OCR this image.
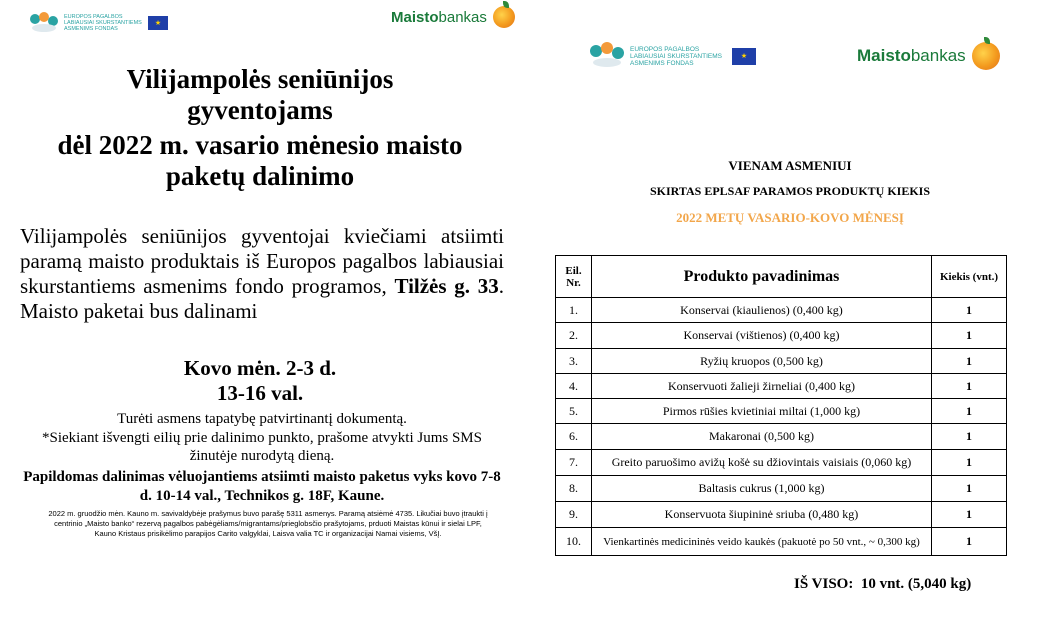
EUROPOS PAGALBOS LABIAUSIAI SKURSTANTIEMS ASMENIMS FONDAS
★	Maistobankas
Vilijampolės seniūnijos
gyventojams
dėl 2022 m. vasario mėnesio maisto
paketų dalinimo
Vilijampolės seniūnijos gyventojai kviečiami atsiimti paramą maisto produktais iš Europos pagalbos labiausiai skurstantiems asmenims fondo programos, Tilžės g. 33. Maisto paketai bus dalinami
Kovo mėn. 2-3 d.
13-16 val.
Turėti asmens tapatybę patvirtinantį dokumentą.
*Siekiant išvengti eilių prie dalinimo punkto, prašome atvykti Jums SMS žinutėje nurodytą dieną.
Papildomas dalinimas vėluojantiems atsiimti maisto paketus vyks kovo 7-8 d. 10-14 val., Technikos g. 18F, Kaune.
2022 m. gruodžio mėn. Kauno m. savivaldybėje prašymus buvo parašę 5311 asmenys. Paramą atsiėmė 4735. Likučiai buvo įtraukti į centrinio „Maisto banko“ rezervą pagalbos pabėgėliams/migrantams/prieglobsčio prašytojams, prduoti Maistas kūnui ir sielai LPF, Kauno Kristaus prisikėlimo parapijos Carito valgyklai, Laisva valia TC ir organizacijai Namai visiems, VšĮ.
EUROPOS PAGALBOS LABIAUSIAI SKURSTANTIEMS ASMENIMS FONDAS
★	Maistobankas
VIENAM ASMENIUI
SKIRTAS EPLSAF PARAMOS PRODUKTŲ KIEKIS
2022 METŲ VASARIO-KOVO MĖNESĮ
Eil. Nr.	Produkto pavadinimas	Kiekis (vnt.)
1.	Konservai (kiaulienos) (0,400 kg)	1
2.	Konservai (vištienos) (0,400 kg)	1
3.	Ryžių kruopos (0,500 kg)	1
4.	Konservuoti žalieji žirneliai (0,400 kg)	1
5.	Pirmos rūšies kvietiniai miltai (1,000 kg)	1
6.	Makaronai (0,500 kg)	1
7.	Greito paruošimo avižų košė su džiovintais vaisiais (0,060 kg)	1
8.	Baltasis cukrus (1,000 kg)	1
9.	Konservuota šiupininė sriuba (0,480 kg)	1
10.	Vienkartinės medicininės veido kaukės (pakuotė po 50 vnt., ~ 0,300 kg)	1
IŠ VISO:  10 vnt. (5,040 kg)
